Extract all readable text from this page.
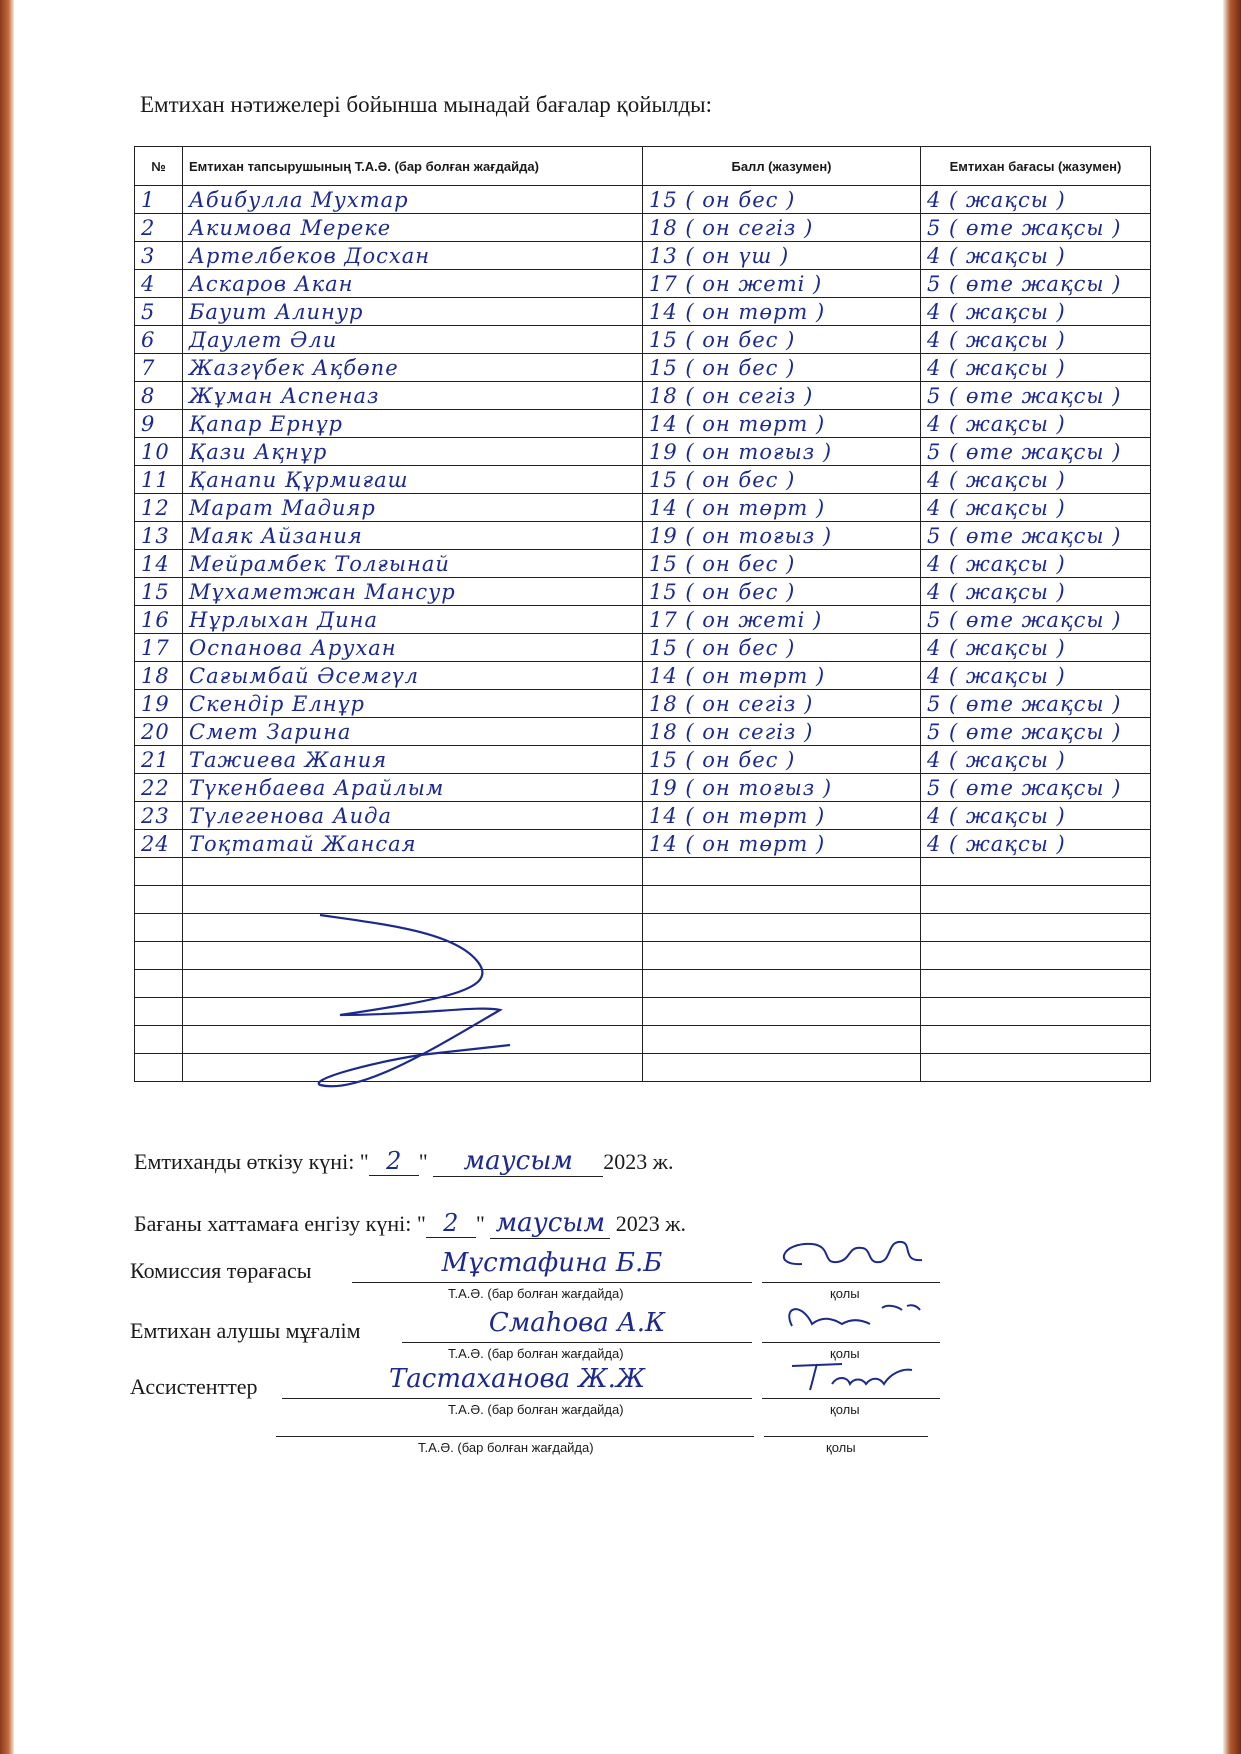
Емтихан нәтижелері бойынша мынадай бағалар қойылды:
№	Емтихан тапсырушының Т.А.Ә. (бар болған жағдайда)	Балл (жазумен)	Емтихан бағасы (жазумен)
1	Абибулла Мухтар	15 ( он бес )	4 ( жақсы )
2	Акимова Мереке	18 ( он сегіз )	5 ( өте жақсы )
3	Артелбеков Досхан	13 ( он үш )	4 ( жақсы )
4	Аскаров Акан	17 ( он жеті )	5 ( өте жақсы )
5	Бауит Алинур	14 ( он төрт )	4 ( жақсы )
6	Даулет Әли	15 ( он бес )	4 ( жақсы )
7	Жазгүбек Ақбөпе	15 ( он бес )	4 ( жақсы )
8	Жұман Аспеназ	18 ( он сегіз )	5 ( өте жақсы )
9	Қапар Ернұр	14 ( он төрт )	4 ( жақсы )
10	Қази Ақнұр	19 ( он тоғыз )	5 ( өте жақсы )
11	Қанапи Құрмиғаш	15 ( он бес )	4 ( жақсы )
12	Марат Мадияр	14 ( он төрт )	4 ( жақсы )
13	Маяк Айзания	19 ( он тоғыз )	5 ( өте жақсы )
14	Мейрамбек Толғынай	15 ( он бес )	4 ( жақсы )
15	Мұхаметжан Мансур	15 ( он бес )	4 ( жақсы )
16	Нұрлыхан Дина	17 ( он жеті )	5 ( өте жақсы )
17	Оспанова Арухан	15 ( он бес )	4 ( жақсы )
18	Сағымбай Әсемгүл	14 ( он төрт )	4 ( жақсы )
19	Скендір Елнұр	18 ( он сегіз )	5 ( өте жақсы )
20	Смет Зарина	18 ( он сегіз )	5 ( өте жақсы )
21	Тажиева Жания	15 ( он бес )	4 ( жақсы )
22	Түкенбаева Арайлым	19 ( он тоғыз )	5 ( өте жақсы )
23	Түлегенова Аида	14 ( он төрт )	4 ( жақсы )
24	Тоқтатай Жансая	14 ( он төрт )	4 ( жақсы )

Емтиханды өткізу күні: " 2 " маусым 2023 ж.
Бағаны хаттамаға енгізу күні: " 2 " маусым 2023 ж.
Комиссия төрағасы	Мұстафина Б.Б
Т.А.Ә. (бар болған жағдайда)	қолы
Емтихан алушы мұғалім	Смаhова А.К
Т.А.Ә. (бар болған жағдайда)	қолы
Ассистенттер	Тастаханова Ж.Ж
Т.А.Ә. (бар болған жағдайда)	қолы
Т.А.Ә. (бар болған жағдайда)	қолы
